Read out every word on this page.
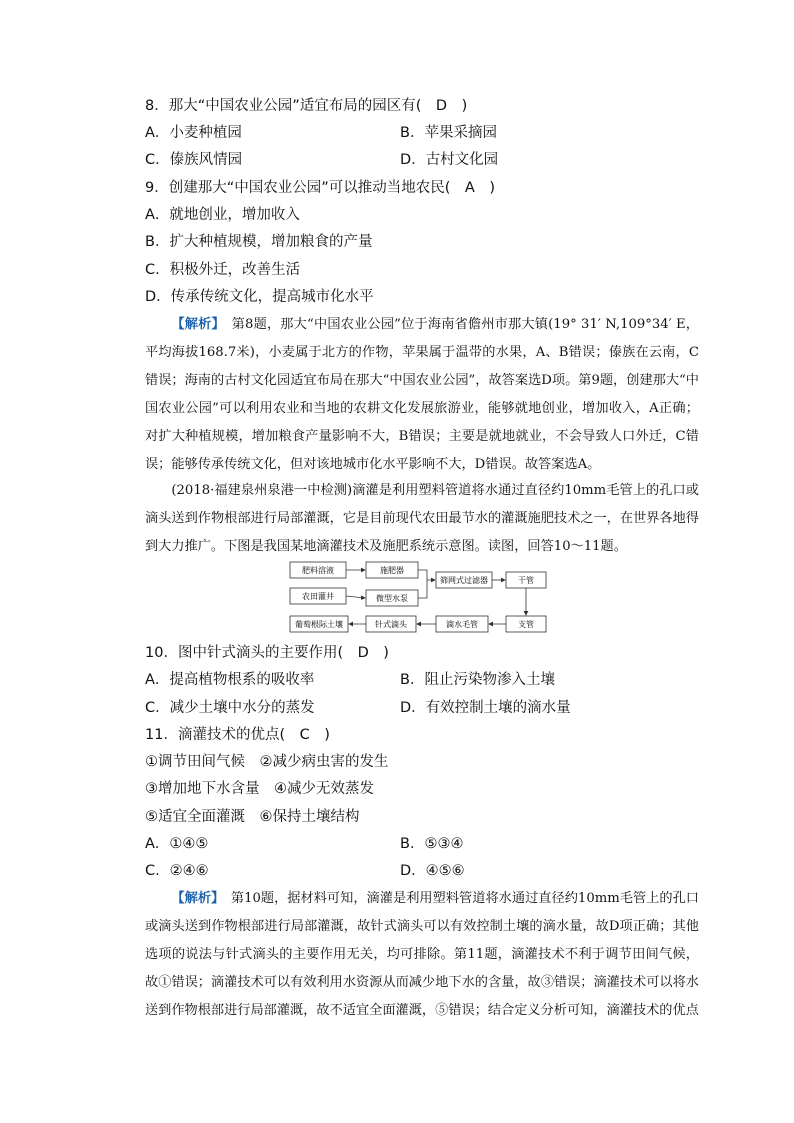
8．那大“中国农业公园”适宜布局的园区有(　D　)
A．小麦种植园	B．苹果采摘园
C．傣族风情园	D．古村文化园
9．创建那大“中国农业公园”可以推动当地农民(　A　)
A．就地创业，增加收入
B．扩大种植规模，增加粮食的产量
C．积极外迁，改善生活
D．传承传统文化，提高城市化水平
【解析】　第8题，那大“中国农业公园”位于海南省儋州市那大镇(19° 31′ N,109°34′ E，平均海拔168.7米)，小麦属于北方的作物，苹果属于温带的水果，A、B错误；傣族在云南，C错误；海南的古村文化园适宜布局在那大“中国农业公园”，故答案选D项。第9题，创建那大“中国农业公园”可以利用农业和当地的农耕文化发展旅游业，能够就地创业，增加收入，A正确；对扩大种植规模，增加粮食产量影响不大，B错误；主要是就地就业，不会导致人口外迁，C错误；能够传承传统文化，但对该地城市化水平影响不大，D错误。故答案选A。
(2018·福建泉州泉港一中检测)滴灌是利用塑料管道将水通过直径约10mm毛管上的孔口或滴头送到作物根部进行局部灌溉，它是目前现代农田最节水的灌溉施肥技术之一，在世界各地得到大力推广。下图是我国某地滴灌技术及施肥系统示意图。读图，回答10～11题。
肥料溶液	施肥器
筛网式过滤器	干管
农田灌井	微型水泵
葡萄根际土壤	针式滴头	滴水毛管	支管
10．图中针式滴头的主要作用(　D　)
A．提高植物根系的吸收率	B．阻止污染物渗入土壤
C．减少土壤中水分的蒸发	D．有效控制土壤的滴水量
11．滴灌技术的优点(　C　)
①调节田间气候　②减少病虫害的发生
③增加地下水含量　④减少无效蒸发
⑤适宜全面灌溉　⑥保持土壤结构
A．①④⑤	B．⑤③④
C．②④⑥	D．④⑤⑥
【解析】　第10题，据材料可知，滴灌是利用塑料管道将水通过直径约10mm毛管上的孔口或滴头送到作物根部进行局部灌溉，故针式滴头可以有效控制土壤的滴水量，故D项正确；其他选项的说法与针式滴头的主要作用无关，均可排除。第11题，滴灌技术不利于调节田间气候，故①错误；滴灌技术可以有效利用水资源从而减少地下水的含量，故③错误；滴灌技术可以将水送到作物根部进行局部灌溉，故不适宜全面灌溉，⑤错误；结合定义分析可知，滴灌技术的优点
